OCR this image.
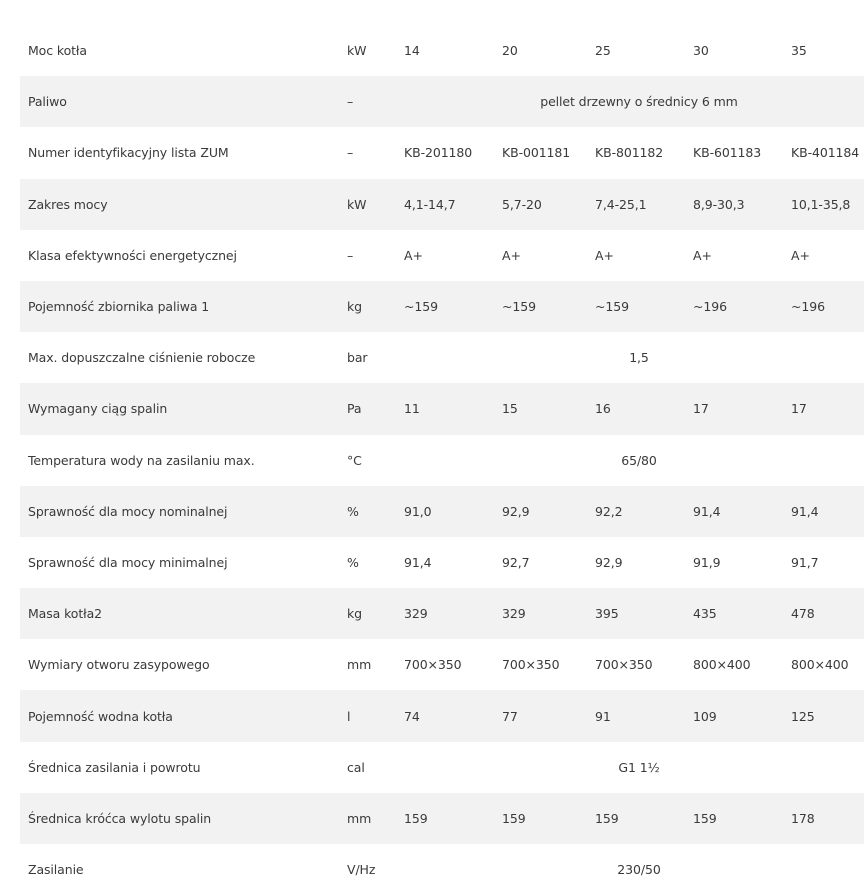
Moc kotła	kW	14	20	25	30	35
Paliwo	–	pellet drzewny o średnicy 6 mm
Numer identyfikacyjny lista ZUM	–	KB-201180 KB-001181 KB-801182 KB-601183 KB-401184
Zakres mocy	kW	4,1-14,7	5,7-20	7,4-25,1	8,9-30,3	10,1-35,8
Klasa efektywności energetycznej	–	A+	A+	A+	A+	A+
Pojemność zbiornika paliwa 1	kg	~159	~159	~159	~196	~196
Max. dopuszczalne ciśnienie robocze	bar	1,5
Wymagany ciąg spalin	Pa	11	15	16	17	17
Temperatura wody na zasilaniu max.	°C	65/80
Sprawność dla mocy nominalnej	%	91,0	92,9	92,2	91,4	91,4
Sprawność dla mocy minimalnej	%	91,4	92,7	92,9	91,9	91,7
Masa kotła2	kg	329	329	395	435	478
Wymiary otworu zasypowego	mm	700×350	700×350	700×350	800×400	800×400
Pojemność wodna kotła	l	74	77	91	109	125
Średnica zasilania i powrotu	cal	G1 1½
Średnica króćca wylotu spalin	mm	159	159	159	159	178
Zasilanie	V/Hz	230/50
